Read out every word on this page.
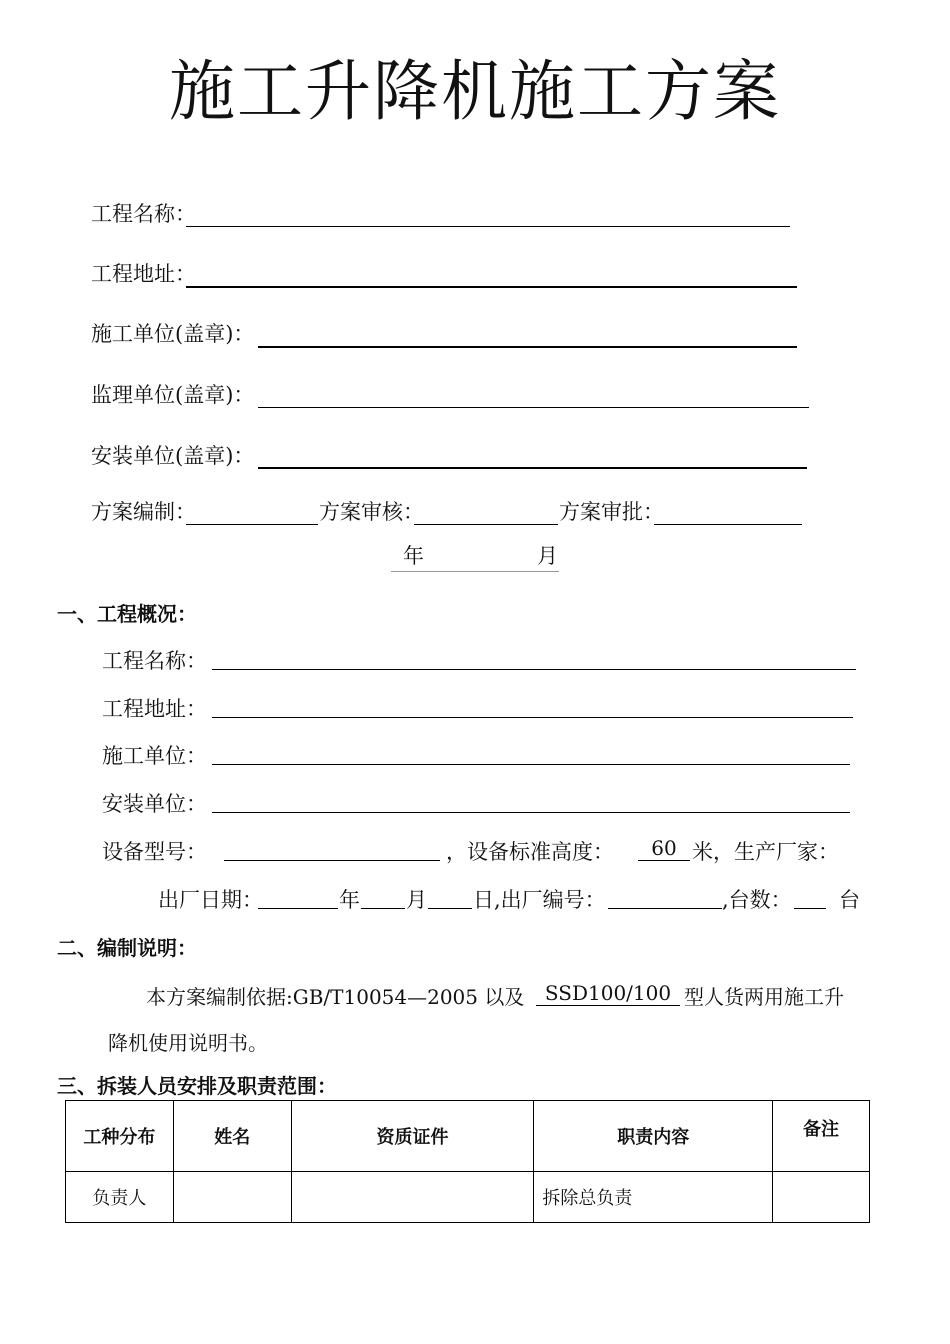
施工升降机施工方案
工程名称：
工程地址：
施工单位(盖章)：
监理单位(盖章)：
安装单位(盖章)：
方案编制：	方案审核：	方案审批：
年	月
一、工程概况：
工程名称：
工程地址：
施工单位：
安装单位：
设备型号：	，设备标准高度：	60 米，生产厂家：
出厂日期：	年 月 日,出厂编号：	,台数： 台
二、编制说明：
本方案编制依据:GB/T10054—2005 以及	SSD100/100 型人货两用施工升
降机使用说明书。
三、拆装人员安排及职责范围：
工种分布	姓名	资质证件	职责内容	备注
负责人			拆除总负责	
